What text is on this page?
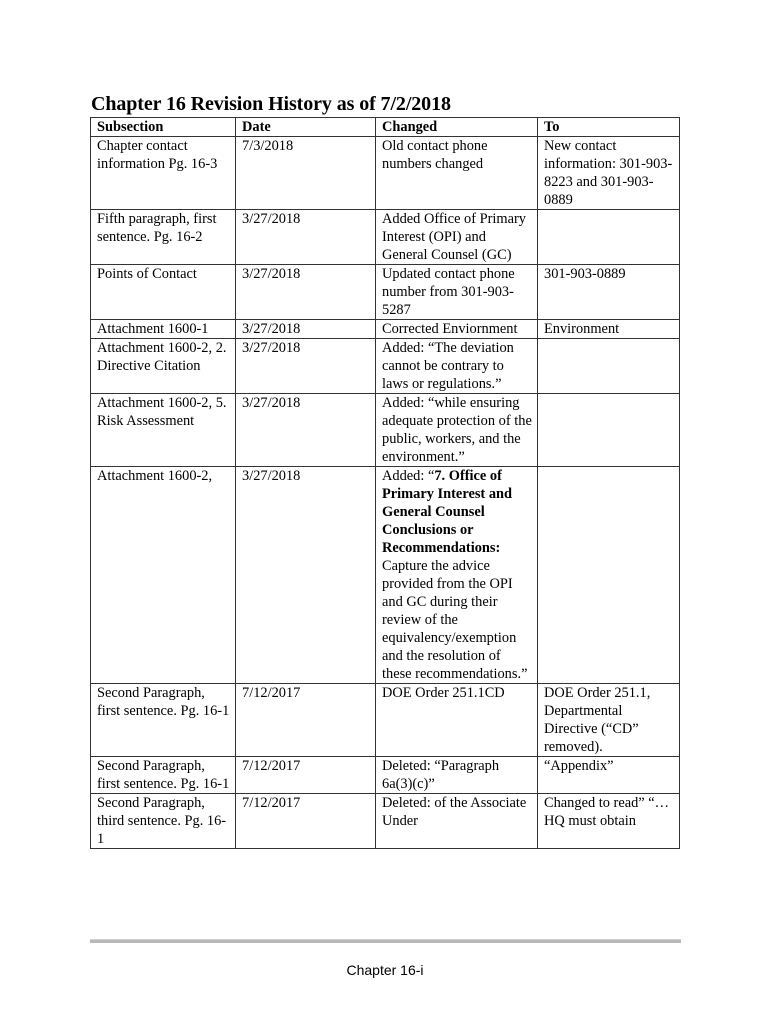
Chapter 16 Revision History as of 7/2/2018
Subsection	Date	Changed	To
Chapter contact information Pg. 16-3	7/3/2018	Old contact phone numbers changed	New contact information: 301-903-8223 and 301-903-0889
Fifth paragraph, first sentence. Pg. 16-2	3/27/2018	Added Office of Primary Interest (OPI) and General Counsel (GC)	
Points of Contact	3/27/2018	Updated contact phone number from 301-903-5287	301-903-0889
Attachment 1600-1	3/27/2018	Corrected Enviornment	Environment
Attachment 1600-2, 2. Directive Citation	3/27/2018	Added: “The deviation cannot be contrary to laws or regulations.”	
Attachment 1600-2, 5. Risk Assessment	3/27/2018	Added: “while ensuring adequate protection of the public, workers, and the environment.”	
Attachment 1600-2,	3/27/2018	Added: “7. Office of Primary Interest and General Counsel Conclusions or Recommendations: Capture the advice provided from the OPI and GC during their review of the equivalency/exemption and the resolution of these recommendations.”	
Second Paragraph, first sentence. Pg. 16-1	7/12/2017	DOE Order 251.1CD	DOE Order 251.1, Departmental Directive (“CD” removed).
Second Paragraph, first sentence. Pg. 16-1	7/12/2017	Deleted: “Paragraph 6a(3)(c)”	“Appendix”
Second Paragraph, third sentence. Pg. 16-1	7/12/2017	Deleted: of the Associate Under	Changed to read” “… HQ must obtain
Chapter 16-i
